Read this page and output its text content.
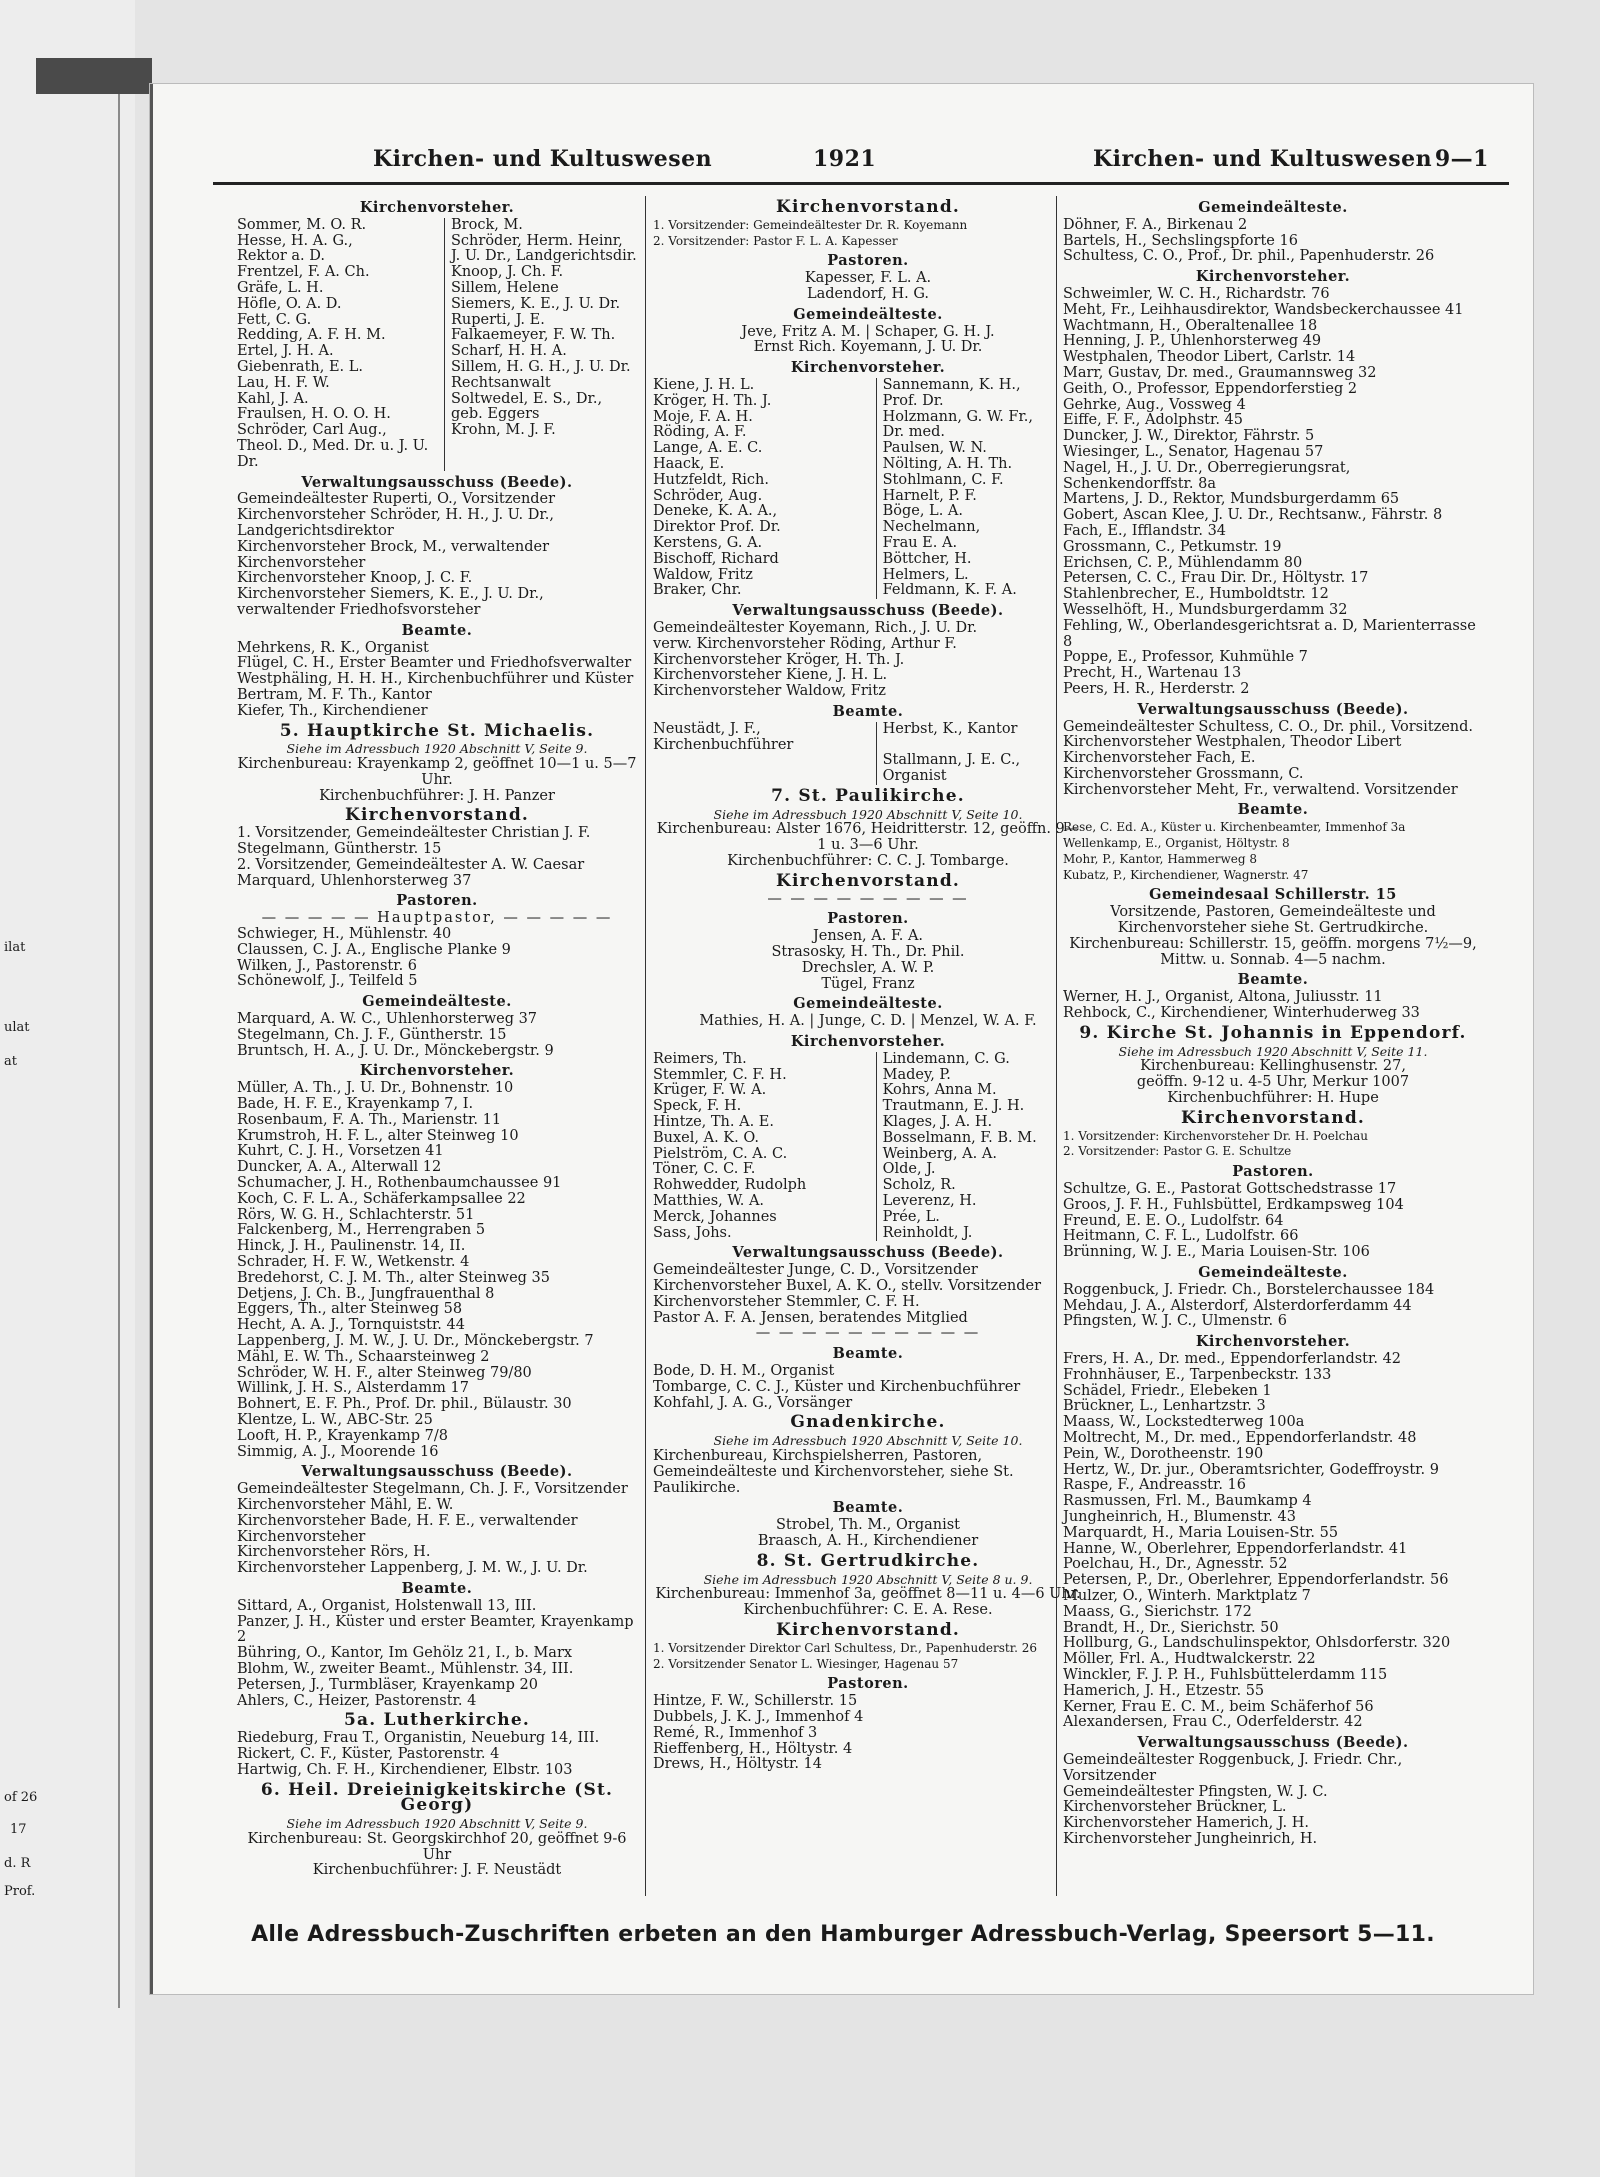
ilat
ulat
at
of 26
17
d. R
Prof.
Kirchen- und Kultuswesen	1921	Kirchen- und Kultuswesen 9—1
Kirchenvorsteher.
Sommer, M. O. R.	Brock, M.
Hesse, H. A. G.,	Schröder, Herm. Heinr,
Rektor a. D.	J. U. Dr., Landgerichtsdir.
Frentzel, F. A. Ch.	Knoop, J. Ch. F.
Gräfe, L. H.	Sillem, Helene
Höfle, O. A. D.	Siemers, K. E., J. U. Dr.
Fett, C. G.	Ruperti, J. E.
Redding, A. F. H. M.	Falkaemeyer, F. W. Th.
Ertel, J. H. A.	Scharf, H. H. A.
Giebenrath, E. L.	Sillem, H. G. H., J. U. Dr.
Lau, H. F. W.	Rechtsanwalt
Kahl, J. A.	Soltwedel, E. S., Dr.,
Fraulsen, H. O. O. H.	geb. Eggers
Schröder, Carl Aug.,	Krohn, M. J. F.
Theol. D., Med. Dr. u. J. U. Dr.
Verwaltungsausschuss (Beede).
Gemeindeältester Ruperti, O., Vorsitzender
Kirchenvorsteher Schröder, H. H., J. U. Dr., Landgerichtsdirektor
Kirchenvorsteher Brock, M., verwaltender Kirchenvorsteher
Kirchenvorsteher Knoop, J. C. F.
Kirchenvorsteher Siemers, K. E., J. U. Dr., verwaltender Friedhofsvorsteher
Beamte.
Mehrkens, R. K., Organist
Flügel, C. H., Erster Beamter und Friedhofsverwalter
Westphäling, H. H. H., Kirchenbuchführer und Küster
Bertram, M. F. Th., Kantor
Kiefer, Th., Kirchendiener
5. Hauptkirche St. Michaelis.
Siehe im Adressbuch 1920 Abschnitt V, Seite 9.
Kirchenbureau: Krayenkamp 2, geöffnet 10—1 u. 5—7 Uhr.
Kirchenbuchführer: J. H. Panzer
Kirchenvorstand.
1. Vorsitzender, Gemeindeältester Christian J. F. Stegelmann, Güntherstr. 15
2. Vorsitzender, Gemeindeältester A. W. Caesar Marquard, Uhlenhorsterweg 37
Pastoren.
— — — — — Hauptpastor, — — — — —
Schwieger, H., Mühlenstr. 40
Claussen, C. J. A., Englische Planke 9
Wilken, J., Pastorenstr. 6
Schönewolf, J., Teilfeld 5
Gemeindeälteste.
Marquard, A. W. C., Uhlenhorsterweg 37
Stegelmann, Ch. J. F., Güntherstr. 15
Bruntsch, H. A., J. U. Dr., Mönckebergstr. 9
Kirchenvorsteher.
Müller, A. Th., J. U. Dr., Bohnenstr. 10
Bade, H. F. E., Krayenkamp 7, I.
Rosenbaum, F. A. Th., Marienstr. 11
Krumstroh, H. F. L., alter Steinweg 10
Kuhrt, C. J. H., Vorsetzen 41
Duncker, A. A., Alterwall 12
Schumacher, J. H., Rothenbaumchaussee 91
Koch, C. F. L. A., Schäferkampsallee 22
Rörs, W. G. H., Schlachterstr. 51
Falckenberg, M., Herrengraben 5
Hinck, J. H., Paulinenstr. 14, II.
Schrader, H. F. W., Wetkenstr. 4
Bredehorst, C. J. M. Th., alter Steinweg 35
Detjens, J. Ch. B., Jungfrauenthal 8
Eggers, Th., alter Steinweg 58
Hecht, A. A. J., Tornquiststr. 44
Lappenberg, J. M. W., J. U. Dr., Mönckebergstr. 7
Mähl, E. W. Th., Schaarsteinweg 2
Schröder, W. H. F., alter Steinweg 79/80
Willink, J. H. S., Alsterdamm 17
Bohnert, E. F. Ph., Prof. Dr. phil., Bülaustr. 30
Klentze, L. W., ABC-Str. 25
Looft, H. P., Krayenkamp 7/8
Simmig, A. J., Moorende 16
Verwaltungsausschuss (Beede).
Gemeindeältester Stegelmann, Ch. J. F., Vorsitzender
Kirchenvorsteher Mähl, E. W.
Kirchenvorsteher Bade, H. F. E., verwaltender Kirchenvorsteher
Kirchenvorsteher Rörs, H.
Kirchenvorsteher Lappenberg, J. M. W., J. U. Dr.
Beamte.
Sittard, A., Organist, Holstenwall 13, III.
Panzer, J. H., Küster und erster Beamter, Krayenkamp 2
Bühring, O., Kantor, Im Gehölz 21, I., b. Marx
Blohm, W., zweiter Beamt., Mühlenstr. 34, III.
Petersen, J., Turmbläser, Krayenkamp 20
Ahlers, C., Heizer, Pastorenstr. 4
5a. Lutherkirche.
Riedeburg, Frau T., Organistin, Neueburg 14, III.
Rickert, C. F., Küster, Pastorenstr. 4
Hartwig, Ch. F. H., Kirchendiener, Elbstr. 103
6. Heil. Dreieinigkeitskirche (St. Georg)
Siehe im Adressbuch 1920 Abschnitt V, Seite 9.
Kirchenbureau: St. Georgskirchhof 20, geöffnet 9-6 Uhr
Kirchenbuchführer: J. F. Neustädt
Kirchenvorstand.
1. Vorsitzender: Gemeindeältester Dr. R. Koyemann
2. Vorsitzender: Pastor F. L. A. Kapesser
Pastoren.
Kapesser, F. L. A.
Ladendorf, H. G.
Gemeindeälteste.
Jeve, Fritz A. M. | Schaper, G. H. J.
Ernst Rich. Koyemann, J. U. Dr.
Kirchenvorsteher.
Kiene, J. H. L.	Sannemann, K. H.,
Kröger, H. Th. J.	Prof. Dr.
Moje, F. A. H.	Holzmann, G. W. Fr.,
Röding, A. F.	Dr. med.
Lange, A. E. C.	Paulsen, W. N.
Haack, E.	Nölting, A. H. Th.
Hutzfeldt, Rich.	Stohlmann, C. F.
Schröder, Aug.	Harnelt, P. F.
Deneke, K. A. A.,	Böge, L. A.
Direktor Prof. Dr.	Nechelmann,
Kerstens, G. A.	Frau E. A.
Bischoff, Richard	Böttcher, H.
Waldow, Fritz	Helmers, L.
Braker, Chr.	Feldmann, K. F. A.
Verwaltungsausschuss (Beede).
Gemeindeältester Koyemann, Rich., J. U. Dr.
verw. Kirchenvorsteher Röding, Arthur F.
Kirchenvorsteher Kröger, H. Th. J.
Kirchenvorsteher Kiene, J. H. L.
Kirchenvorsteher Waldow, Fritz
Beamte.
Neustädt, J. F., Kirchenbuchführer
Herbst, K., Kantor
Stallmann, J. E. C., Organist
7. St. Paulikirche.
Siehe im Adressbuch 1920 Abschnitt V, Seite 10.
Kirchenbureau: Alster 1676, Heidritterstr. 12, geöffn. 9—1 u. 3—6 Uhr.
Kirchenbuchführer: C. C. J. Tombarge.
Kirchenvorstand.
— — — — — — — — —
Pastoren.
Jensen, A. F. A.
Strasosky, H. Th., Dr. Phil.
Drechsler, A. W. P.
Tügel, Franz
Gemeindeälteste.
Mathies, H. A. | Junge, C. D. | Menzel, W. A. F.
Kirchenvorsteher.
Reimers, Th.	Lindemann, C. G.
Stemmler, C. F. H.	Madey, P.
Krüger, F. W. A.	Kohrs, Anna M.
Speck, F. H.	Trautmann, E. J. H.
Hintze, Th. A. E.	Klages, J. A. H.
Buxel, A. K. O.	Bosselmann, F. B. M.
Pielström, C. A. C.	Weinberg, A. A.
Töner, C. C. F.	Olde, J.
Rohwedder, Rudolph	Scholz, R.
Matthies, W. A.	Leverenz, H.
Merck, Johannes	Prée, L.
Sass, Johs.	Reinholdt, J.
Verwaltungsausschuss (Beede).
Gemeindeältester Junge, C. D., Vorsitzender
Kirchenvorsteher Buxel, A. K. O., stellv. Vorsitzender
Kirchenvorsteher Stemmler, C. F. H.
Pastor A. F. A. Jensen, beratendes Mitglied
— — — — — — — — — —
Beamte.
Bode, D. H. M., Organist
Tombarge, C. C. J., Küster und Kirchenbuchführer
Kohfahl, J. A. G., Vorsänger
Gnadenkirche.
Siehe im Adressbuch 1920 Abschnitt V, Seite 10.
Kirchenbureau, Kirchspielsherren, Pastoren, Gemeindeälteste und Kirchenvorsteher, siehe St. Paulikirche.
Beamte.
Strobel, Th. M., Organist
Braasch, A. H., Kirchendiener
8. St. Gertrudkirche.
Siehe im Adressbuch 1920 Abschnitt V, Seite 8 u. 9.
Kirchenbureau: Immenhof 3a, geöffnet 8—11 u. 4—6 Uhr.
Kirchenbuchführer: C. E. A. Rese.
Kirchenvorstand.
1. Vorsitzender Direktor Carl Schultess, Dr., Papenhuderstr. 26
2. Vorsitzender Senator L. Wiesinger, Hagenau 57
Pastoren.
Hintze, F. W., Schillerstr. 15
Dubbels, J. K. J., Immenhof 4
Remé, R., Immenhof 3
Rieffenberg, H., Höltystr. 4
Drews, H., Höltystr. 14
Gemeindeälteste.
Döhner, F. A., Birkenau 2
Bartels, H., Sechslingspforte 16
Schultess, C. O., Prof., Dr. phil., Papenhuderstr. 26
Kirchenvorsteher.
Schweimler, W. C. H., Richardstr. 76
Meht, Fr., Leihhausdirektor, Wandsbeckerchaussee 41
Wachtmann, H., Oberaltenallee 18
Henning, J. P., Uhlenhorsterweg 49
Westphalen, Theodor Libert, Carlstr. 14
Marr, Gustav, Dr. med., Graumannsweg 32
Geith, O., Professor, Eppendorferstieg 2
Gehrke, Aug., Vossweg 4
Eiffe, F. F., Adolphstr. 45
Duncker, J. W., Direktor, Fährstr. 5
Wiesinger, L., Senator, Hagenau 57
Nagel, H., J. U. Dr., Oberregierungsrat, Schenkendorffstr. 8a
Martens, J. D., Rektor, Mundsburgerdamm 65
Gobert, Ascan Klee, J. U. Dr., Rechtsanw., Fährstr. 8
Fach, E., Ifflandstr. 34
Grossmann, C., Petkumstr. 19
Erichsen, C. P., Mühlendamm 80
Petersen, C. C., Frau Dir. Dr., Höltystr. 17
Stahlenbrecher, E., Humboldtstr. 12
Wesselhöft, H., Mundsburgerdamm 32
Fehling, W., Oberlandesgerichtsrat a. D, Marienterrasse 8
Poppe, E., Professor, Kuhmühle 7
Precht, H., Wartenau 13
Peers, H. R., Herderstr. 2
Verwaltungsausschuss (Beede).
Gemeindeältester Schultess, C. O., Dr. phil., Vorsitzend.
Kirchenvorsteher Westphalen, Theodor Libert
Kirchenvorsteher Fach, E.
Kirchenvorsteher Grossmann, C.
Kirchenvorsteher Meht, Fr., verwaltend. Vorsitzender
Beamte.
Rese, C. Ed. A., Küster u. Kirchenbeamter, Immenhof 3a
Wellenkamp, E., Organist, Höltystr. 8
Mohr, P., Kantor, Hammerweg 8
Kubatz, P., Kirchendiener, Wagnerstr. 47
Gemeindesaal Schillerstr. 15
Vorsitzende, Pastoren, Gemeindeälteste und Kirchenvorsteher siehe St. Gertrudkirche.
Kirchenbureau: Schillerstr. 15, geöffn. morgens 7½—9, Mittw. u. Sonnab. 4—5 nachm.
Beamte.
Werner, H. J., Organist, Altona, Juliusstr. 11
Rehbock, C., Kirchendiener, Winterhuderweg 33
9. Kirche St. Johannis in Eppendorf.
Siehe im Adressbuch 1920 Abschnitt V, Seite 11.
Kirchenbureau: Kellinghusenstr. 27,
geöffn. 9-12 u. 4-5 Uhr, Merkur 1007
Kirchenbuchführer: H. Hupe
Kirchenvorstand.
1. Vorsitzender: Kirchenvorsteher Dr. H. Poelchau
2. Vorsitzender: Pastor G. E. Schultze
Pastoren.
Schultze, G. E., Pastorat Gottschedstrasse 17
Groos, J. F. H., Fuhlsbüttel, Erdkampsweg 104
Freund, E. E. O., Ludolfstr. 64
Heitmann, C. F. L., Ludolfstr. 66
Brünning, W. J. E., Maria Louisen-Str. 106
Gemeindeälteste.
Roggenbuck, J. Friedr. Ch., Borstelerchaussee 184
Mehdau, J. A., Alsterdorf, Alsterdorferdamm 44
Pfingsten, W. J. C., Ulmenstr. 6
Kirchenvorsteher.
Frers, H. A., Dr. med., Eppendorferlandstr. 42
Frohnhäuser, E., Tarpenbeckstr. 133
Schädel, Friedr., Elebeken 1
Brückner, L., Lenhartzstr. 3
Maass, W., Lockstedterweg 100a
Moltrecht, M., Dr. med., Eppendorferlandstr. 48
Pein, W., Dorotheenstr. 190
Hertz, W., Dr. jur., Oberamtsrichter, Godeffroystr. 9
Raspe, F., Andreasstr. 16
Rasmussen, Frl. M., Baumkamp 4
Jungheinrich, H., Blumenstr. 43
Marquardt, H., Maria Louisen-Str. 55
Hanne, W., Oberlehrer, Eppendorferlandstr. 41
Poelchau, H., Dr., Agnesstr. 52
Petersen, P., Dr., Oberlehrer, Eppendorferlandstr. 56
Mulzer, O., Winterh. Marktplatz 7
Maass, G., Sierichstr. 172
Brandt, H., Dr., Sierichstr. 50
Hollburg, G., Landschulinspektor, Ohlsdorferstr. 320
Möller, Frl. A., Hudtwalckerstr. 22
Winckler, F. J. P. H., Fuhlsbüttelerdamm 115
Hamerich, J. H., Etzestr. 55
Kerner, Frau E. C. M., beim Schäferhof 56
Alexandersen, Frau C., Oderfelderstr. 42
Verwaltungsausschuss (Beede).
Gemeindeältester Roggenbuck, J. Friedr. Chr., Vorsitzender
Gemeindeältester Pfingsten, W. J. C.
Kirchenvorsteher Brückner, L.
Kirchenvorsteher Hamerich, J. H.
Kirchenvorsteher Jungheinrich, H.
Alle Adressbuch-Zuschriften erbeten an den Hamburger Adressbuch-Verlag, Speersort 5—11.
